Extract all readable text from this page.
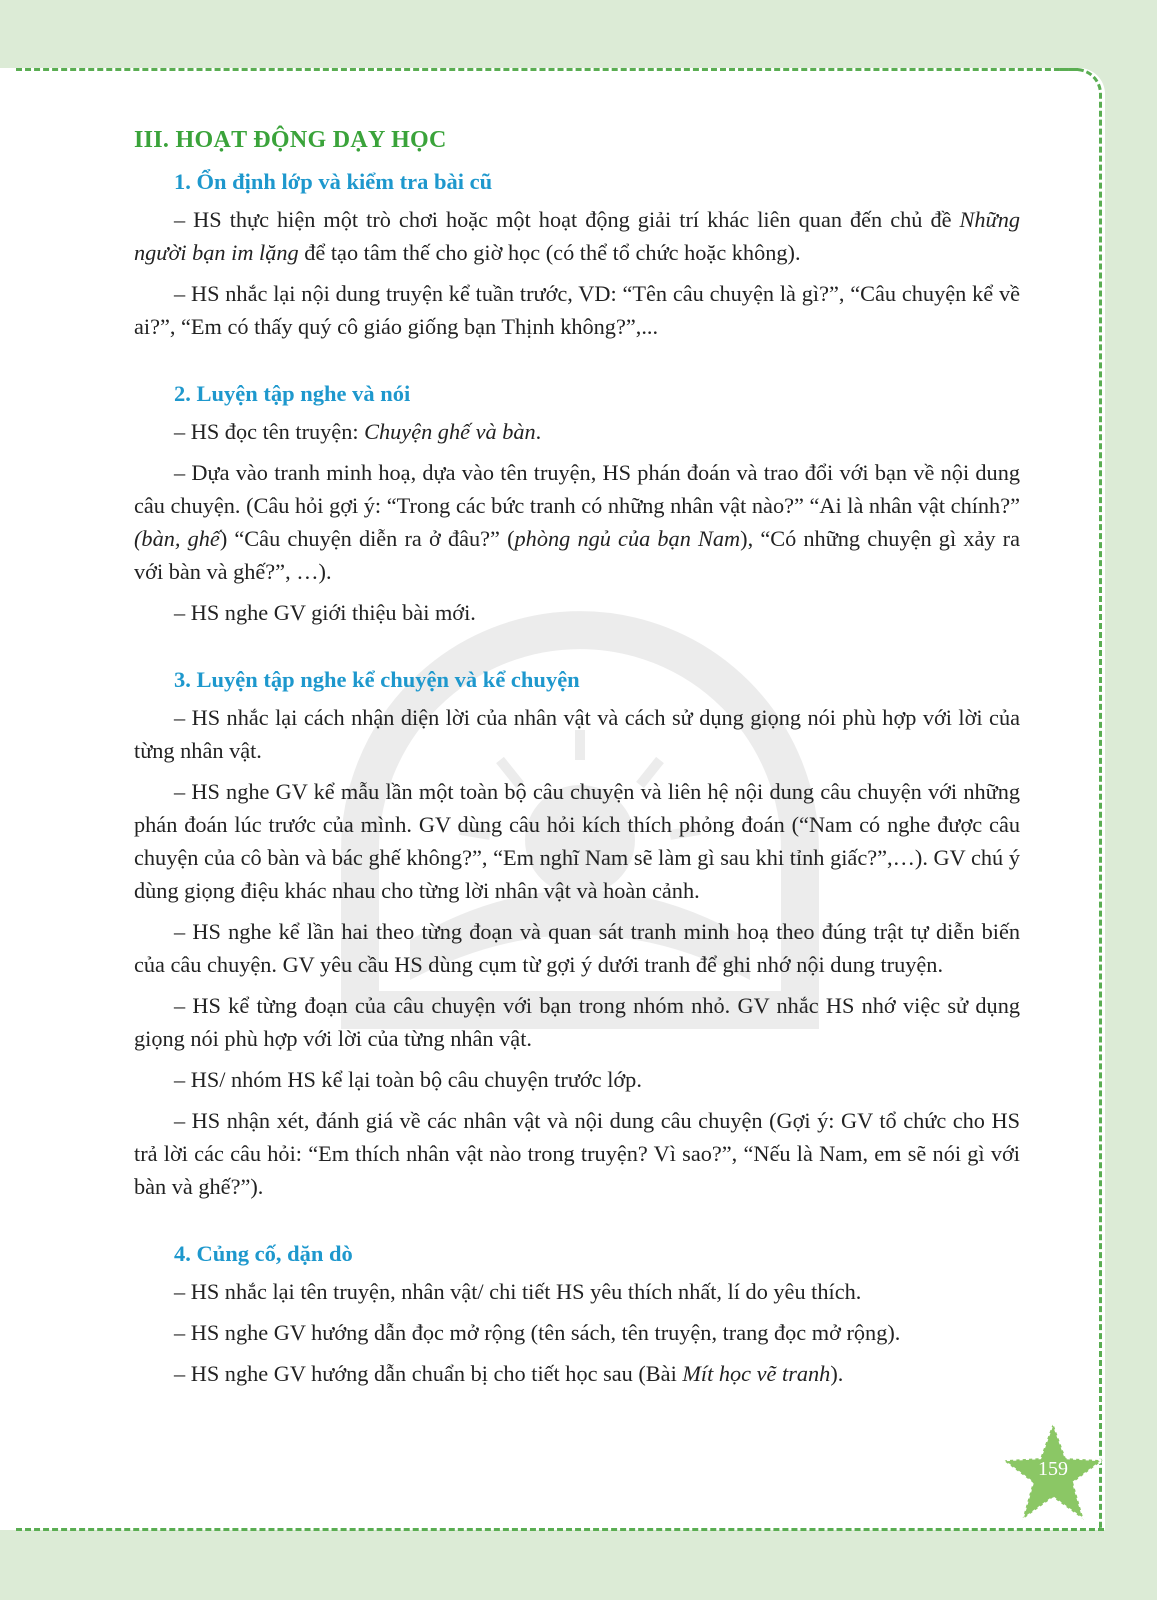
III. HOẠT ĐỘNG DẠY HỌC
1. Ổn định lớp và kiểm tra bài cũ

– HS thực hiện một trò chơi hoặc một hoạt động giải trí khác liên quan đến chủ đề Những người bạn im lặng để tạo tâm thế cho giờ học (có thể tổ chức hoặc không).

– HS nhắc lại nội dung truyện kể tuần trước, VD: “Tên câu chuyện là gì?”, “Câu chuyện kể về ai?”, “Em có thấy quý cô giáo giống bạn Thịnh không?”,...

2. Luyện tập nghe và nói

– HS đọc tên truyện: Chuyện ghế và bàn.

– Dựa vào tranh minh hoạ, dựa vào tên truyện, HS phán đoán và trao đổi với bạn về nội dung câu chuyện. (Câu hỏi gợi ý: “Trong các bức tranh có những nhân vật nào?” “Ai là nhân vật chính?” (bàn, ghế) “Câu chuyện diễn ra ở đâu?” (phòng ngủ của bạn Nam), “Có những chuyện gì xảy ra với bàn và ghế?”, …).

– HS nghe GV giới thiệu bài mới.

3. Luyện tập nghe kể chuyện và kể chuyện

– HS nhắc lại cách nhận diện lời của nhân vật và cách sử dụng giọng nói phù hợp với lời của từng nhân vật.

– HS nghe GV kể mẫu lần một toàn bộ câu chuyện và liên hệ nội dung câu chuyện với những phán đoán lúc trước của mình. GV dùng câu hỏi kích thích phỏng đoán (“Nam có nghe được câu chuyện của cô bàn và bác ghế không?”, “Em nghĩ Nam sẽ làm gì sau khi tỉnh giấc?”,…). GV chú ý dùng giọng điệu khác nhau cho từng lời nhân vật và hoàn cảnh.

– HS nghe kể lần hai theo từng đoạn và quan sát tranh minh hoạ theo đúng trật tự diễn biến của câu chuyện. GV yêu cầu HS dùng cụm từ gợi ý dưới tranh để ghi nhớ nội dung truyện.

– HS kể từng đoạn của câu chuyện với bạn trong nhóm nhỏ. GV nhắc HS nhớ việc sử dụng giọng nói phù hợp với lời của từng nhân vật.

– HS/ nhóm HS kể lại toàn bộ câu chuyện trước lớp.

– HS nhận xét, đánh giá về các nhân vật và nội dung câu chuyện (Gợi ý: GV tổ chức cho HS trả lời các câu hỏi: “Em thích nhân vật nào trong truyện? Vì sao?”, “Nếu là Nam, em sẽ nói gì với bàn và ghế?”).

4. Củng cố, dặn dò

– HS nhắc lại tên truyện, nhân vật/ chi tiết HS yêu thích nhất, lí do yêu thích.

– HS nghe GV hướng dẫn đọc mở rộng (tên sách, tên truyện, trang đọc mở rộng).

– HS nghe GV hướng dẫn chuẩn bị cho tiết học sau (Bài Mít học vẽ tranh).

159
